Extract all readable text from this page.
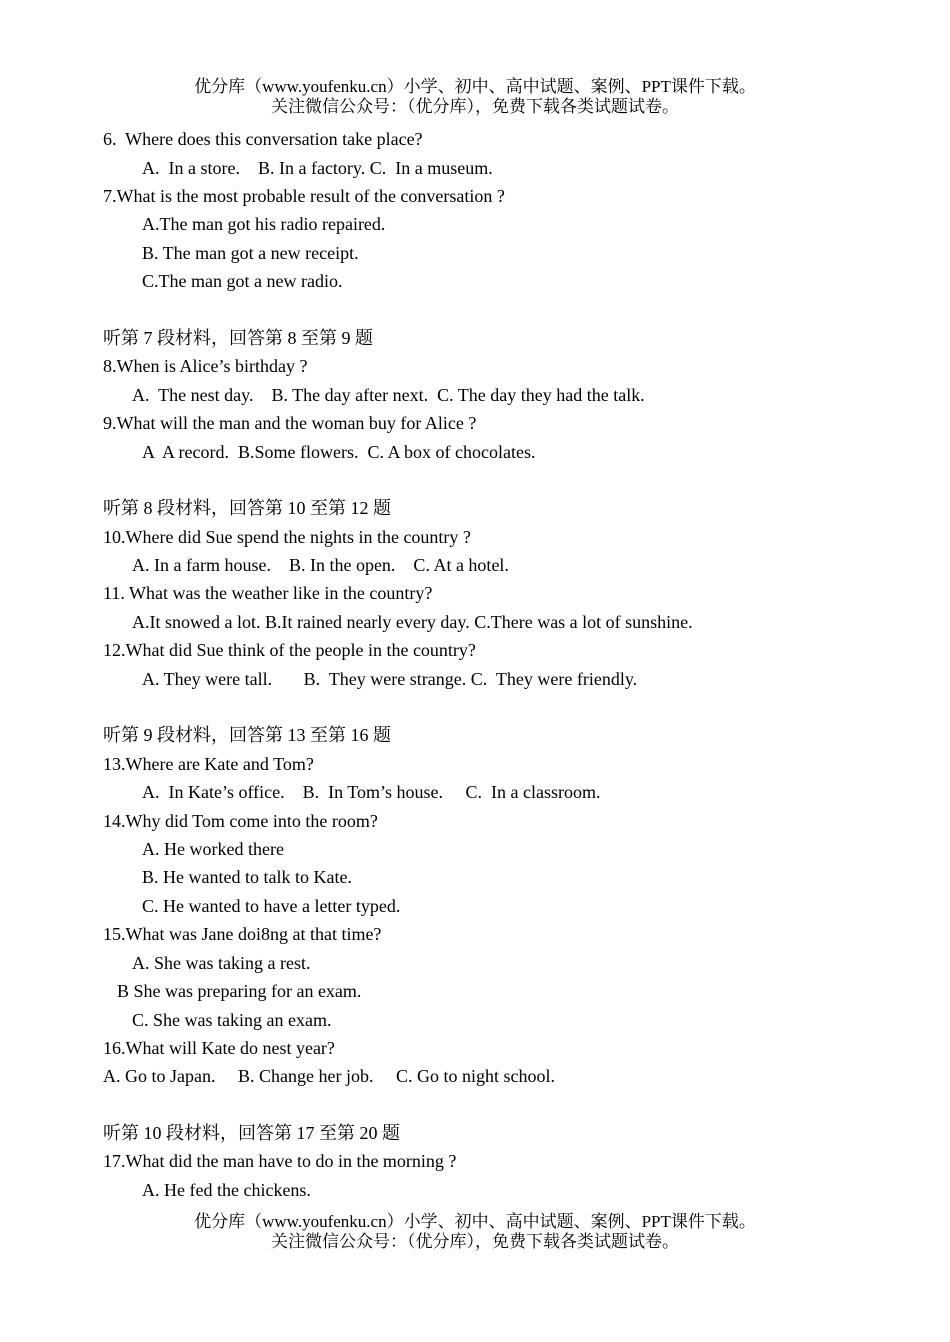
优分库（www.youfenku.cn）小学、初中、高中试题、案例、PPT课件下载。
关注微信公众号：（优分库），免费下载各类试题试卷。
6.  Where does this conversation take place?
A.  In a store.    B. In a factory. C.  In a museum.
7.What is the most probable result of the conversation ?
A.The man got his radio repaired.
B. The man got a new receipt.
C.The man got a new radio.
听第 7 段材料，回答第 8 至第 9 题
8.When is Alice’s birthday ?
A.  The nest day.    B. The day after next.  C. The day they had the talk.
9.What will the man and the woman buy for Alice ?
A  A record.  B.Some flowers.  C. A box of chocolates.
听第 8 段材料，回答第 10 至第 12 题
10.Where did Sue spend the nights in the country ?
A. In a farm house.    B. In the open.    C. At a hotel.
11. What was the weather like in the country?
A.It snowed a lot. B.It rained nearly every day. C.There was a lot of sunshine.
12.What did Sue think of the people in the country?
A. They were tall.       B.  They were strange. C.  They were friendly.
听第 9 段材料，回答第 13 至第 16 题
13.Where are Kate and Tom?
A.  In Kate’s office.    B.  In Tom’s house.     C.  In a classroom.
14.Why did Tom come into the room?
A. He worked there
B. He wanted to talk to Kate.
C. He wanted to have a letter typed.
15.What was Jane doi8ng at that time?
A. She was taking a rest.
B She was preparing for an exam.
C. She was taking an exam.
16.What will Kate do nest year?
A. Go to Japan.     B. Change her job.     C. Go to night school.
听第 10 段材料，回答第 17 至第 20 题
17.What did the man have to do in the morning ?
A. He fed the chickens.
优分库（www.youfenku.cn）小学、初中、高中试题、案例、PPT课件下载。
关注微信公众号：（优分库），免费下载各类试题试卷。
